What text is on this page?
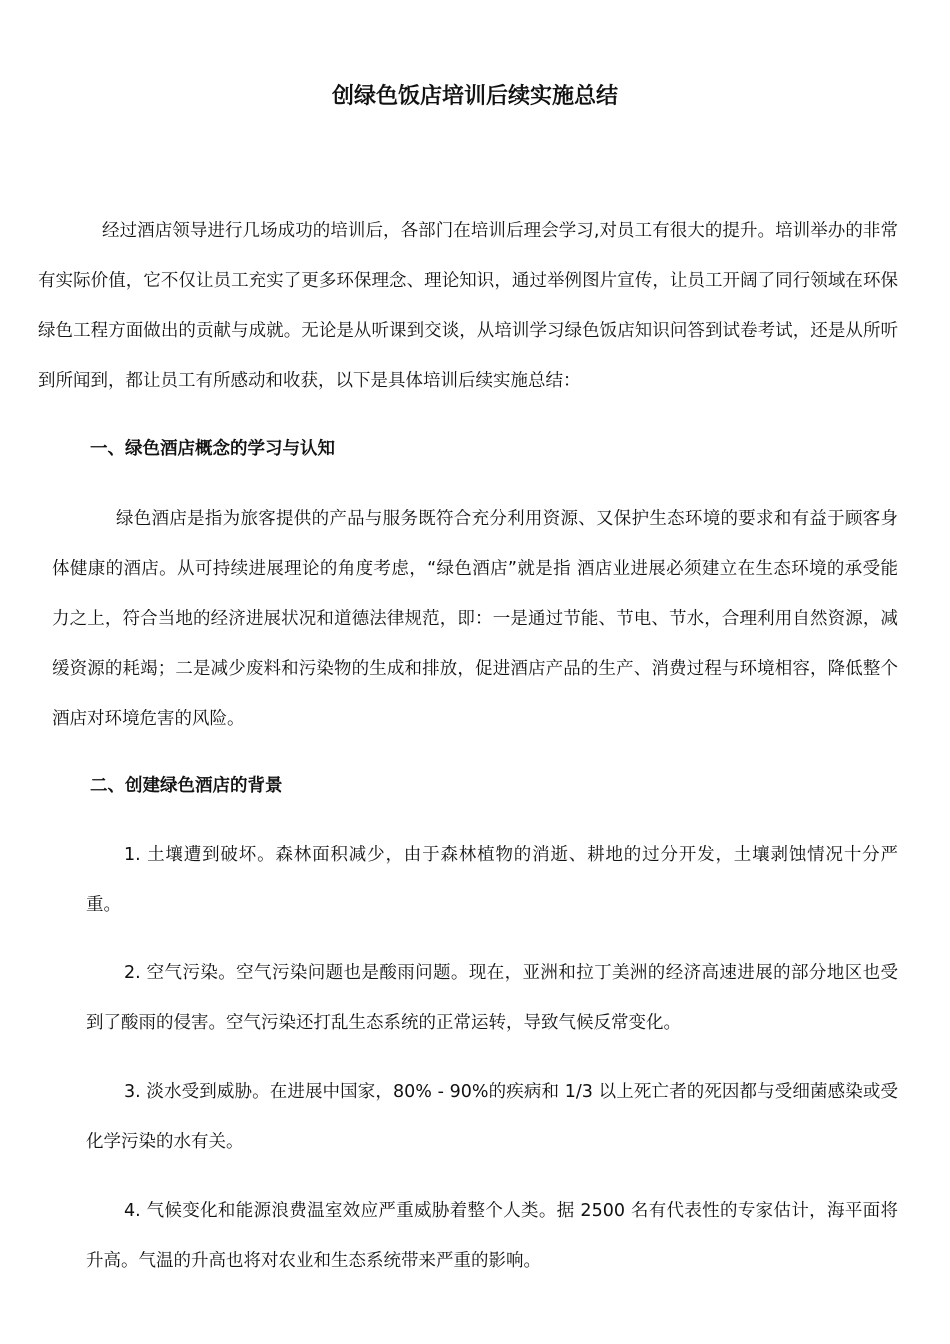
创绿色饭店培训后续实施总结

经过酒店领导进行几场成功的培训后，各部门在培训后理会学习,对员工有很大的提升。培训举办的非常有实际价值，它不仅让员工充实了更多环保理念、理论知识，通过举例图片宣传，让员工开阔了同行领域在环保绿色工程方面做出的贡献与成就。无论是从听课到交谈，从培训学习绿色饭店知识问答到试卷考试，还是从所听到所闻到，都让员工有所感动和收获，以下是具体培训后续实施总结：

一、绿色酒店概念的学习与认知

绿色酒店是指为旅客提供的产品与服务既符合充分利用资源、又保护生态环境的要求和有益于顾客身体健康的酒店。从可持续进展理论的角度考虑，“绿色酒店”就是指 酒店业进展必须建立在生态环境的承受能力之上，符合当地的经济进展状况和道德法律规范，即：一是通过节能、节电、节水，合理利用自然资源，减缓资源的耗竭；二是减少废料和污染物的生成和排放，促进酒店产品的生产、消费过程与环境相容，降低整个酒店对环境危害的风险。

二、创建绿色酒店的背景

1. 土壤遭到破坏。森林面积减少，由于森林植物的消逝、耕地的过分开发，土壤剥蚀情况十分严重。

2. 空气污染。空气污染问题也是酸雨问题。现在，亚洲和拉丁美洲的经济高速进展的部分地区也受到了酸雨的侵害。空气污染还打乱生态系统的正常运转，导致气候反常变化。

3. 淡水受到威胁。在进展中国家，80% - 90%的疾病和 1/3 以上死亡者的死因都与受细菌感染或受化学污染的水有关。

4. 气候变化和能源浪费温室效应严重威胁着整个人类。据 2500 名有代表性的专家估计，海平面将升高。气温的升高也将对农业和生态系统带来严重的影响。
